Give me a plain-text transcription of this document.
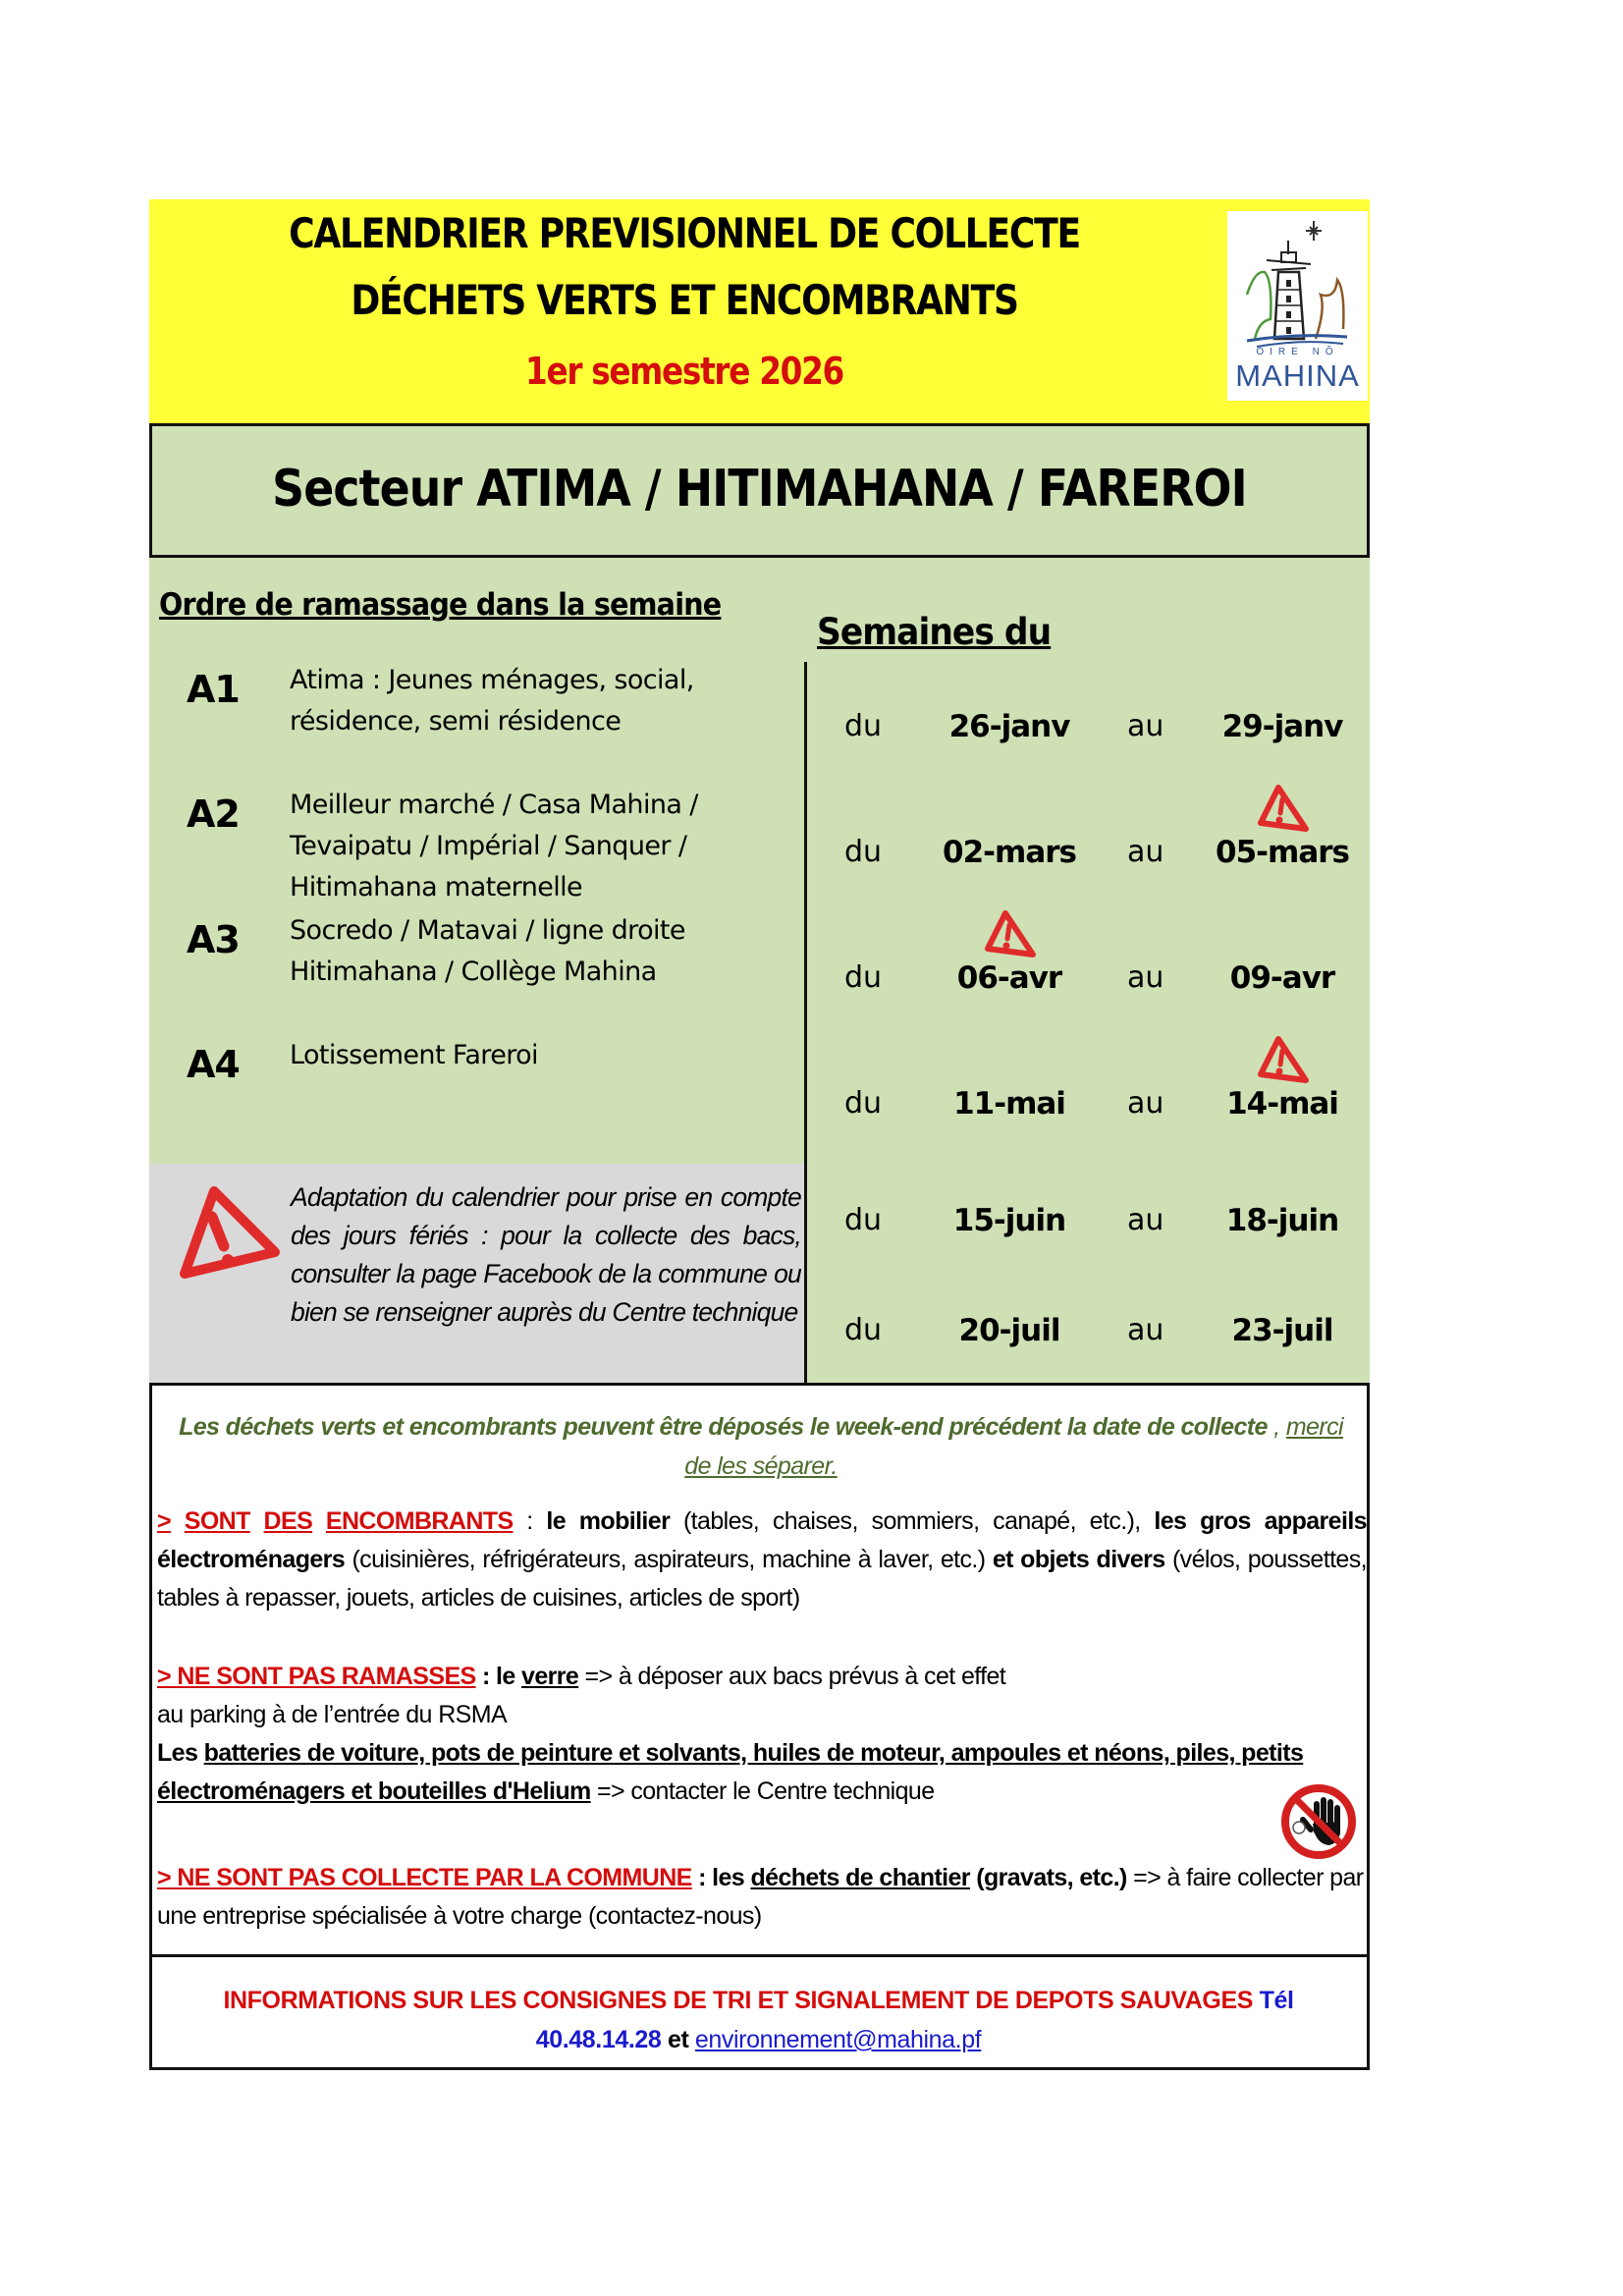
CALENDRIER PREVISIONNEL DE COLLECTE
DÉCHETS VERTS ET ENCOMBRANTS
1er semestre 2026	OIRE NÕ
MAHINA
Secteur ATIMA / HITIMAHANA / FAREROI
Ordre de ramassage dans la semaine
Semaines du
A1 Atima : Jeunes ménages, social,
résidence, semi résidence
A2 Meilleur marché / Casa Mahina /
Tevaipatu / Impérial / Sanquer /
Hitimahana maternelle
A3 Socredo / Matavai / ligne droite
Hitimahana / Collège Mahina
A4 Lotissement Fareroi
Adaptation du calendrier pour prise en compte des jours fériés : pour la collecte des bacs, consulter la page Facebook de la commune ou bien se renseigner auprès du Centre technique
du	26-janv	au	29-janv
du	02-mars	au	05-mars
du	06-avr	au	09-avr
du	11-mai	au	14-mai
du	15-juin	au	18-juin
du	20-juil	au	23-juil
Les déchets verts et encombrants peuvent être déposés le week-end précédent la date de collecte , merci de les séparer.
> SONT DES ENCOMBRANTS : le mobilier (tables, chaises, sommiers, canapé, etc.), les gros appareils électroménagers (cuisinières, réfrigérateurs, aspirateurs, machine à laver, etc.) et objets divers (vélos, poussettes, tables à repasser, jouets, articles de cuisines, articles de sport)
> NE SONT PAS RAMASSES : le verre => à déposer aux bacs prévus à cet effet
au parking à de l’entrée du RSMA
Les batteries de voiture, pots de peinture et solvants, huiles de moteur, ampoules et néons, piles, petits électroménagers et bouteilles d'Helium => contacter le Centre technique
> NE SONT PAS COLLECTE PAR LA COMMUNE : les déchets de chantier (gravats, etc.) => à faire collecter par une entreprise spécialisée à votre charge (contactez-nous)
INFORMATIONS SUR LES CONSIGNES DE TRI ET SIGNALEMENT DE DEPOTS SAUVAGES Tél
40.48.14.28 et environnement@mahina.pf
